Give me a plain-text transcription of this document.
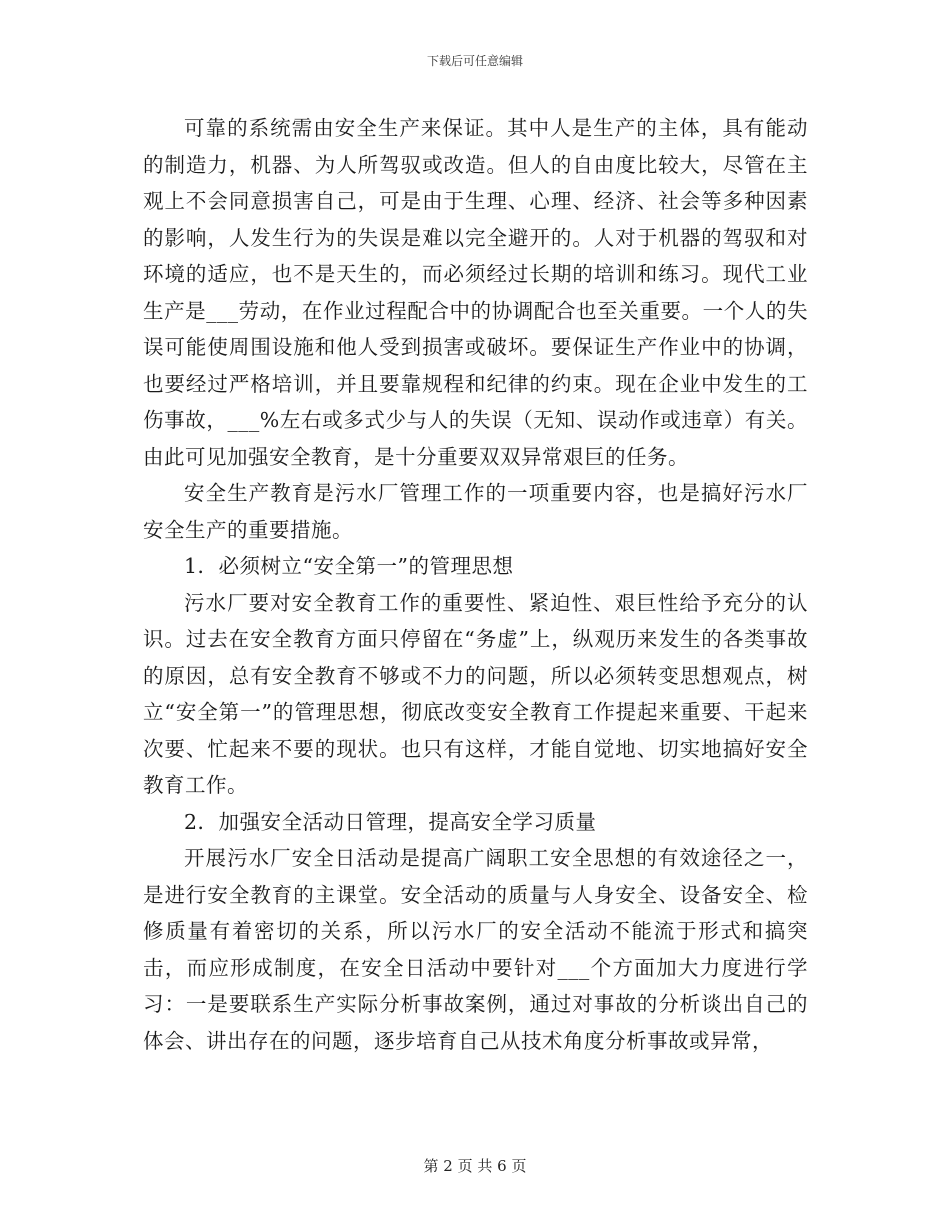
下载后可任意编辑

可靠的系统需由安全生产来保证。其中人是生产的主体，具有能动的制造力，机器、为人所驾驭或改造。但人的自由度比较大，尽管在主观上不会同意损害自己，可是由于生理、心理、经济、社会等多种因素的影响，人发生行为的失误是难以完全避开的。人对于机器的驾驭和对环境的适应，也不是天生的，而必须经过长期的培训和练习。现代工业生产是___劳动，在作业过程配合中的协调配合也至关重要。一个人的失误可能使周围设施和他人受到损害或破坏。要保证生产作业中的协调，也要经过严格培训，并且要靠规程和纪律的约束。现在企业中发生的工伤事故，___%左右或多式少与人的失误（无知、误动作或违章）有关。由此可见加强安全教育，是十分重要双双异常艰巨的任务。

安全生产教育是污水厂管理工作的一项重要内容，也是搞好污水厂安全生产的重要措施。

1．必须树立“安全第一”的管理思想

污水厂要对安全教育工作的重要性、紧迫性、艰巨性给予充分的认识。过去在安全教育方面只停留在“务虚”上，纵观历来发生的各类事故的原因，总有安全教育不够或不力的问题，所以必须转变思想观点，树立“安全第一”的管理思想，彻底改变安全教育工作提起来重要、干起来次要、忙起来不要的现状。也只有这样，才能自觉地、切实地搞好安全教育工作。

2．加强安全活动日管理，提高安全学习质量

开展污水厂安全日活动是提高广阔职工安全思想的有效途径之一，是进行安全教育的主课堂。安全活动的质量与人身安全、设备安全、检修质量有着密切的关系，所以污水厂的安全活动不能流于形式和搞突击，而应形成制度，在安全日活动中要针对___个方面加大力度进行学习：一是要联系生产实际分析事故案例，通过对事故的分析谈出自己的体会、讲出存在的问题，逐步培育自己从技术角度分析事故或异常，

第 2 页 共 6 页
